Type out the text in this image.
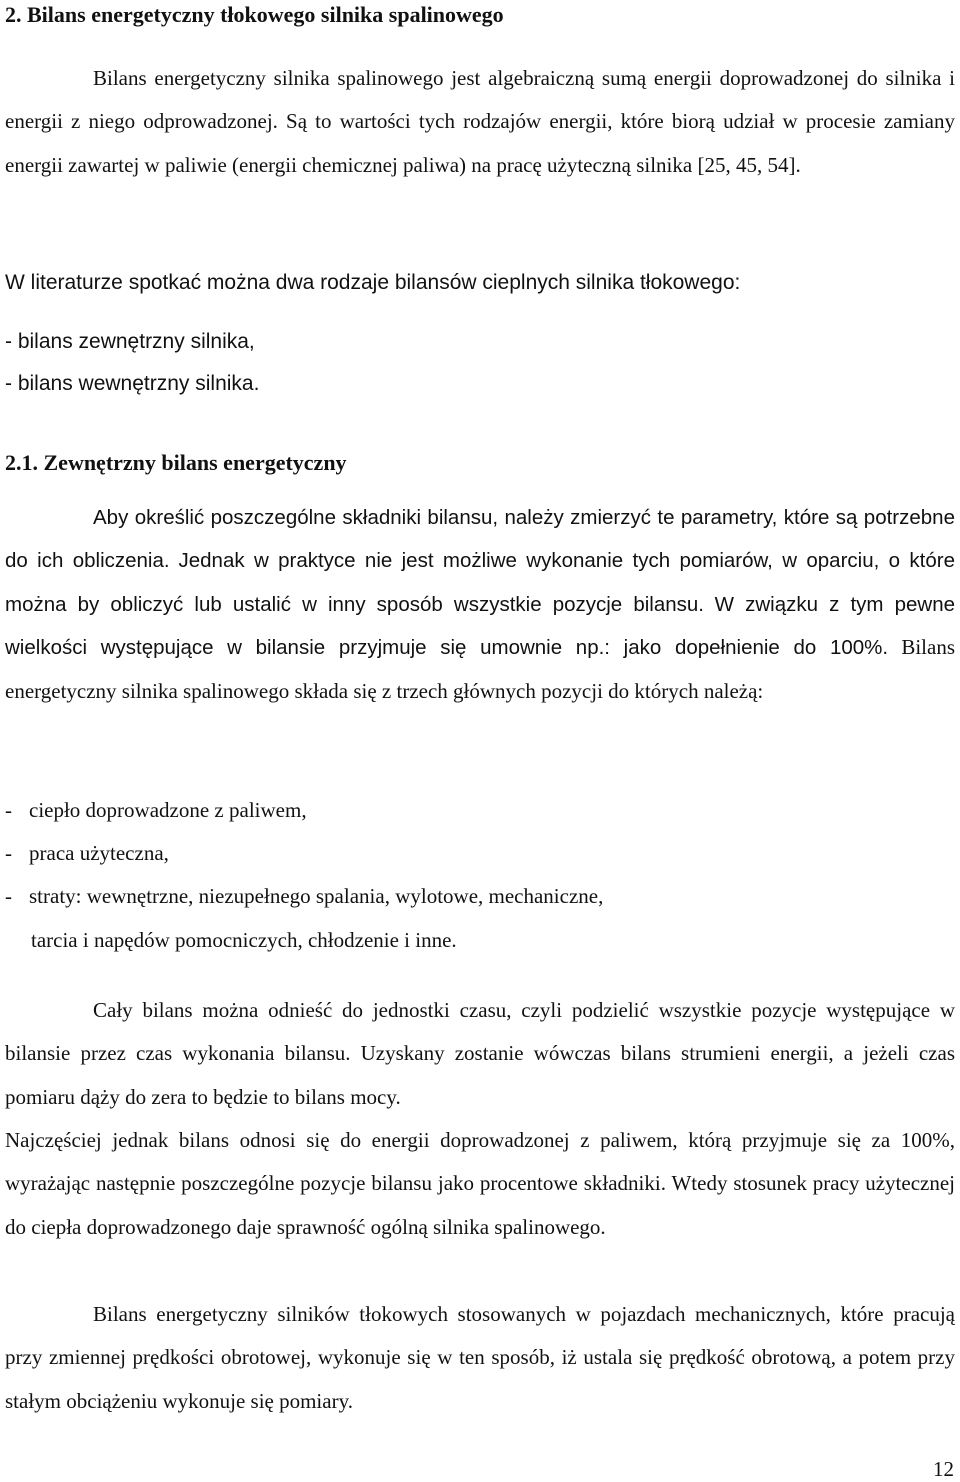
2. Bilans energetyczny tłokowego silnika spalinowego

Bilans energetyczny silnika spalinowego jest algebraiczną sumą energii doprowadzonej do silnika i energii z niego odprowadzonej. Są to wartości tych rodzajów energii, które biorą udział w procesie zamiany energii zawartej w paliwie (energii chemicznej paliwa) na pracę użyteczną silnika [25, 45, 54].

W literaturze spotkać można dwa rodzaje bilansów cieplnych silnika tłokowego:
- bilans zewnętrzny silnika,
- bilans wewnętrzny silnika.
2.1. Zewnętrzny bilans energetyczny

Aby określić poszczególne składniki bilansu, należy zmierzyć te parametry, które są potrzebne do ich obliczenia. Jednak w praktyce nie jest możliwe wykonanie tych pomiarów, w oparciu, o które można by obliczyć lub ustalić w inny sposób wszystkie pozycje bilansu. W związku z tym pewne wielkości występujące w bilansie przyjmuje się umownie np.: jako dopełnienie do 100%. Bilans energetyczny silnika spalinowego składa się z trzech głównych pozycji do których należą:

- ciepło doprowadzone z paliwem,
- praca użyteczna,
- straty: wewnętrzne, niezupełnego spalania, wylotowe, mechaniczne,
tarcia i napędów pomocniczych, chłodzenie i inne.

Cały bilans można odnieść do jednostki czasu, czyli podzielić wszystkie pozycje występujące w bilansie przez czas wykonania bilansu. Uzyskany zostanie wówczas bilans strumieni energii, a jeżeli czas pomiaru dąży do zera to będzie to bilans mocy.

Najczęściej jednak bilans odnosi się do energii doprowadzonej z paliwem, którą przyjmuje się za 100%, wyrażając następnie poszczególne pozycje bilansu jako procentowe składniki. Wtedy stosunek pracy użytecznej do ciepła doprowadzonego daje sprawność ogólną silnika spalinowego.

Bilans energetyczny silników tłokowych stosowanych w pojazdach mechanicznych, które pracują przy zmiennej prędkości obrotowej, wykonuje się w ten sposób, iż ustala się prędkość obrotową, a potem przy stałym obciążeniu wykonuje się pomiary.

12
